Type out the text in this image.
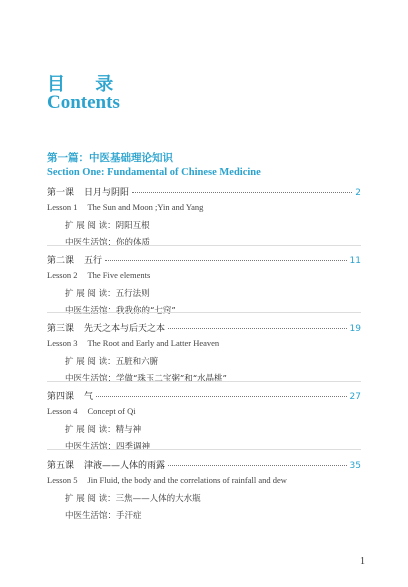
目 录
Contents
第一篇：中医基础理论知识
Section One: Fundamental of Chinese Medicine
第一课 日月与阴阳	2
Lesson 1 The Sun and Moon ;Yin and Yang
扩 展 阅 读：阴阳互根
中医生活馆：你的体质
第二课 五行	11
Lesson 2 The Five elements
扩 展 阅 读：五行法则
中医生活馆：我我你的“七窍”
第三课 先天之本与后天之本	19
Lesson 3 The Root and Early and Latter Heaven
扩 展 阅 读：五脏和六腑
中医生活馆：学做“珠玉二宝粥”和“水晶桃”
第四课 气	27
Lesson 4 Concept of Qi
扩 展 阅 读：精与神
中医生活馆：四季调神
第五课 津液——人体的雨露	35
Lesson 5 Jin Fluid, the body and the correlations of rainfall and dew
扩 展 阅 读：三焦——人体的大水瓶
中医生活馆：手汗症
1
